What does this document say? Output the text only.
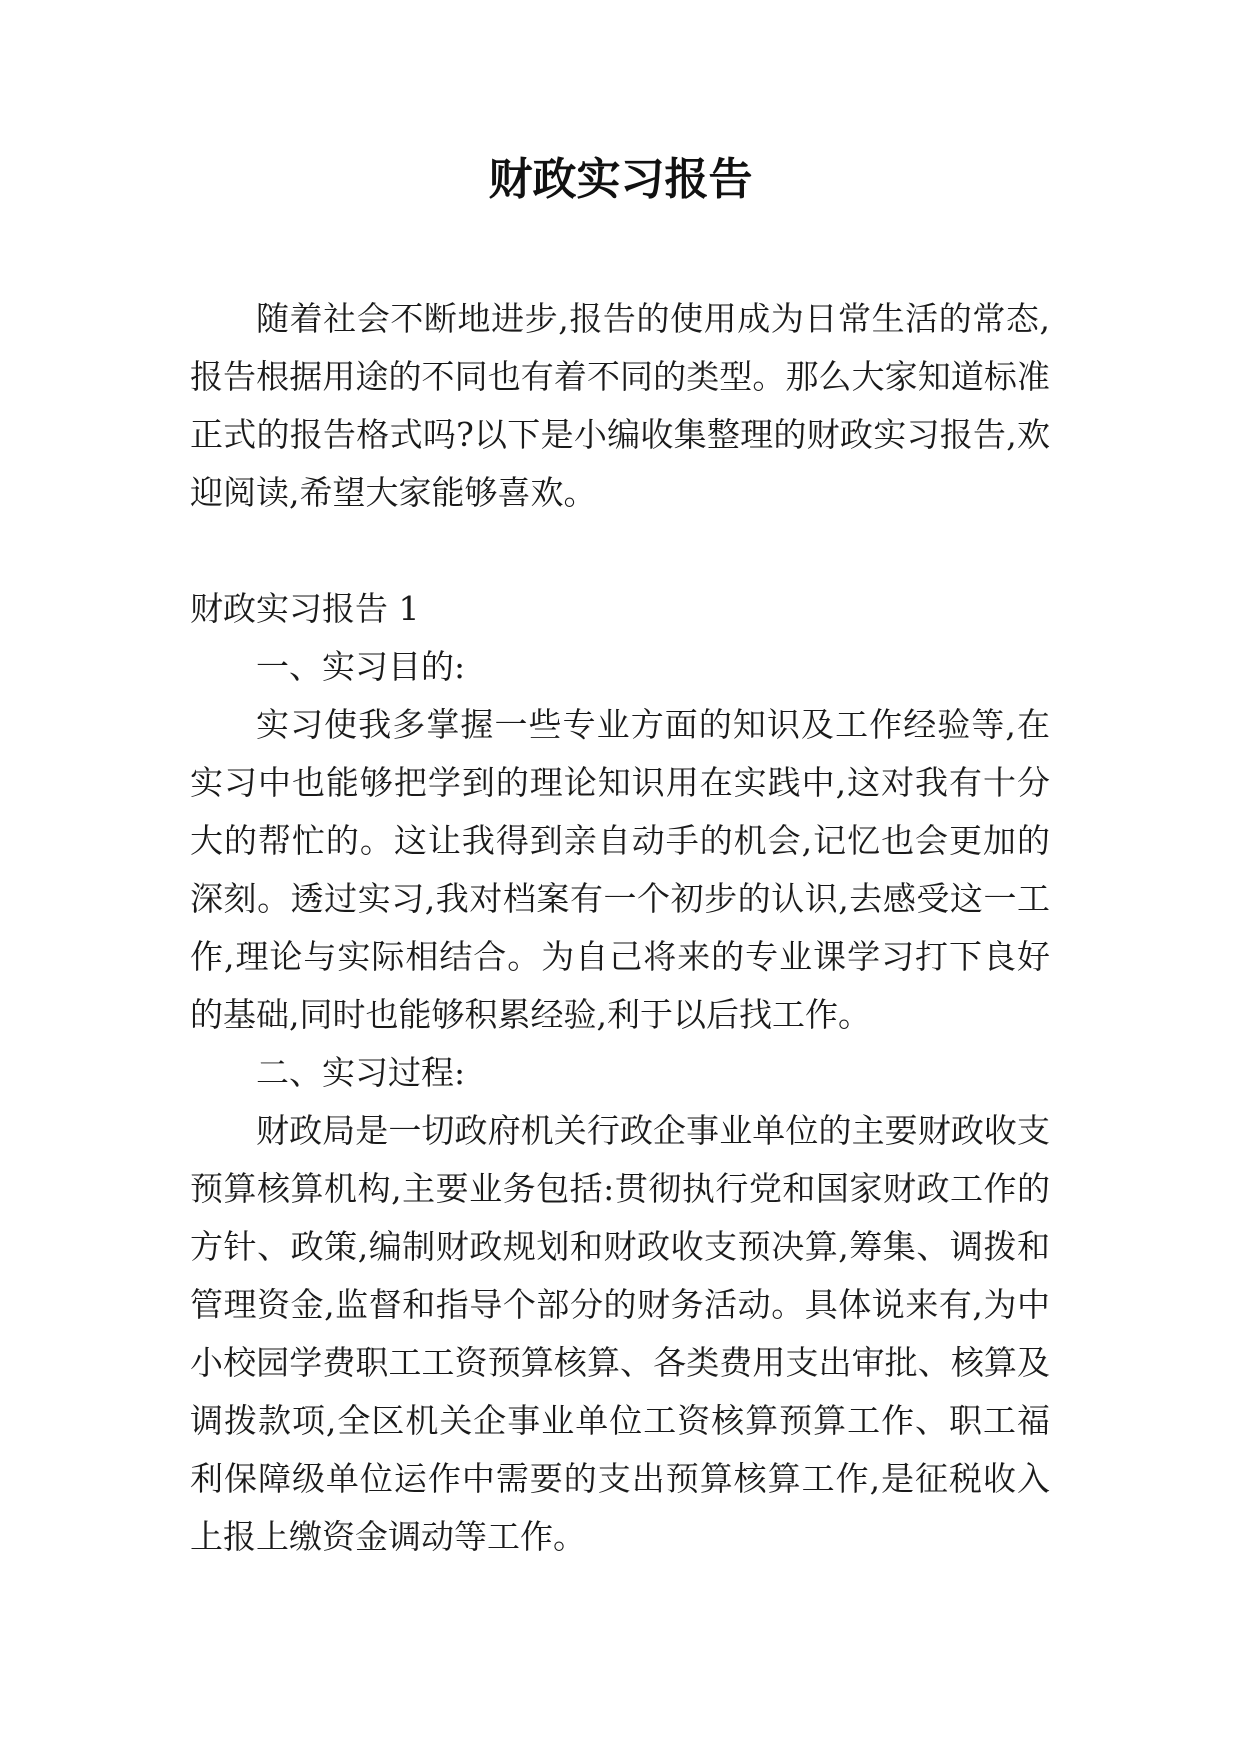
财政实习报告

随着社会不断地进步,报告的使用成为日常生活的常态,报告根据用途的不同也有着不同的类型。那么大家知道标准正式的报告格式吗?以下是小编收集整理的财政实习报告,欢迎阅读,希望大家能够喜欢。

财政实习报告 1

一、实习目的:

实习使我多掌握一些专业方面的知识及工作经验等,在实习中也能够把学到的理论知识用在实践中,这对我有十分大的帮忙的。这让我得到亲自动手的机会,记忆也会更加的深刻。透过实习,我对档案有一个初步的认识,去感受这一工作,理论与实际相结合。为自己将来的专业课学习打下良好的基础,同时也能够积累经验,利于以后找工作。

二、实习过程:

财政局是一切政府机关行政企事业单位的主要财政收支预算核算机构,主要业务包括:贯彻执行党和国家财政工作的方针、政策,编制财政规划和财政收支预决算,筹集、调拨和管理资金,监督和指导个部分的财务活动。具体说来有,为中小校园学费职工工资预算核算、各类费用支出审批、核算及调拨款项,全区机关企事业单位工资核算预算工作、职工福利保障级单位运作中需要的支出预算核算工作,是征税收入上报上缴资金调动等工作。
